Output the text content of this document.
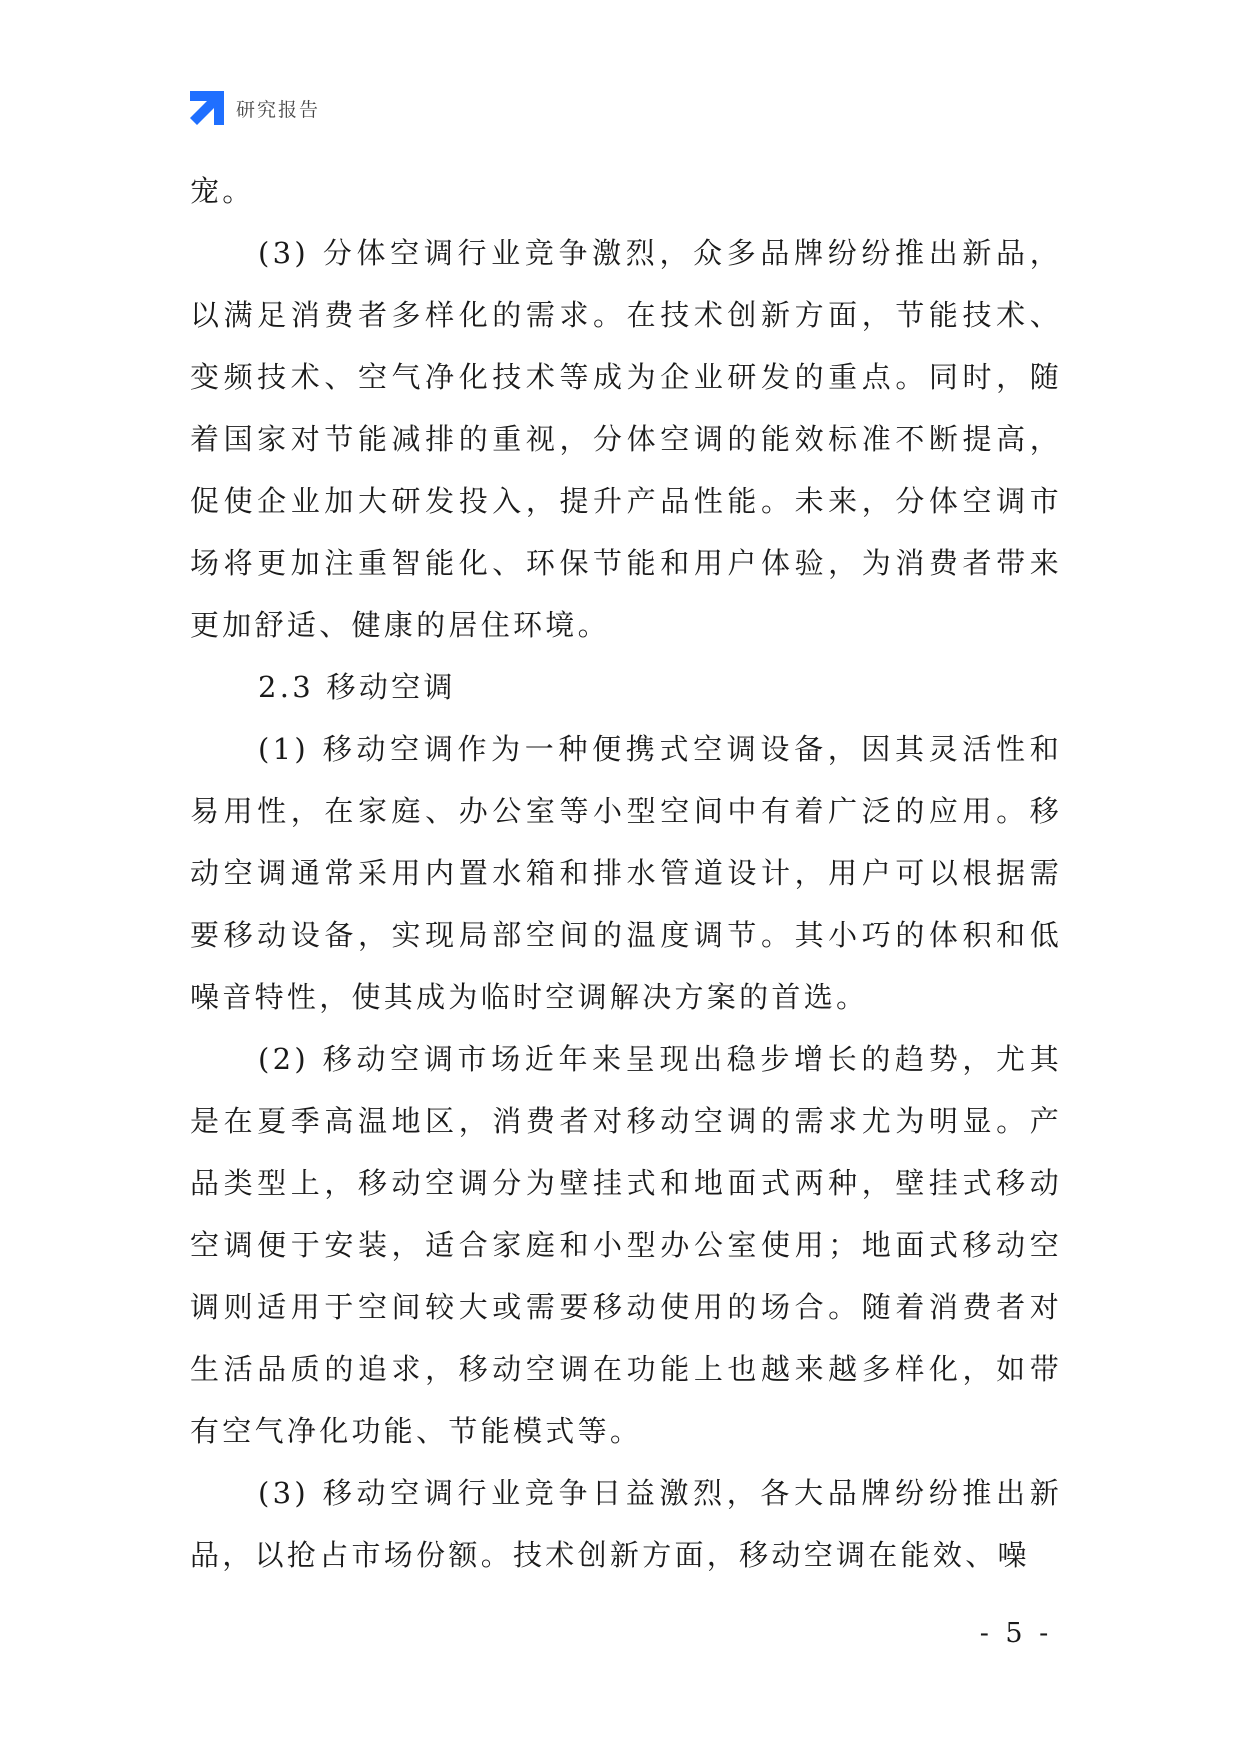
研究报告

宠。

(3) 分体空调行业竞争激烈，众多品牌纷纷推出新品，以满足消费者多样化的需求。在技术创新方面，节能技术、变频技术、空气净化技术等成为企业研发的重点。同时，随着国家对节能减排的重视，分体空调的能效标准不断提高，促使企业加大研发投入，提升产品性能。未来，分体空调市场将更加注重智能化、环保节能和用户体验，为消费者带来更加舒适、健康的居住环境。

2.3 移动空调

(1) 移动空调作为一种便携式空调设备，因其灵活性和易用性，在家庭、办公室等小型空间中有着广泛的应用。移动空调通常采用内置水箱和排水管道设计，用户可以根据需要移动设备，实现局部空间的温度调节。其小巧的体积和低噪音特性，使其成为临时空调解决方案的首选。

(2) 移动空调市场近年来呈现出稳步增长的趋势，尤其是在夏季高温地区，消费者对移动空调的需求尤为明显。产品类型上，移动空调分为壁挂式和地面式两种，壁挂式移动空调便于安装，适合家庭和小型办公室使用；地面式移动空调则适用于空间较大或需要移动使用的场合。随着消费者对生活品质的追求，移动空调在功能上也越来越多样化，如带有空气净化功能、节能模式等。

(3) 移动空调行业竞争日益激烈，各大品牌纷纷推出新品，以抢占市场份额。技术创新方面，移动空调在能效、噪

- 5 -
